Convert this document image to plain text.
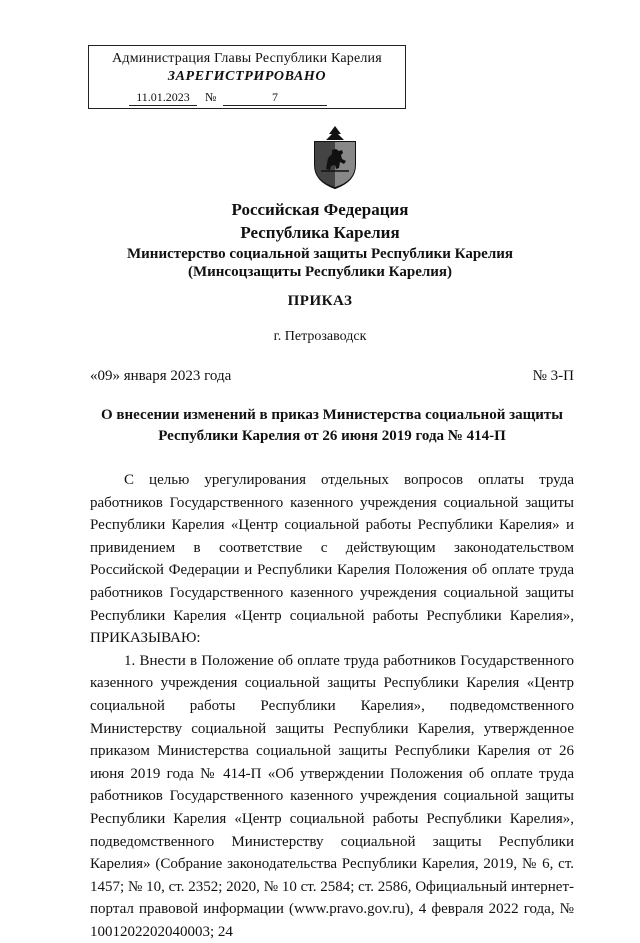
Администрация Главы Республики Карелия
ЗАРЕГИСТРИРОВАНО
11.01.2023	№	7
Российская Федерация
Республика Карелия
Министерство социальной защиты Республики Карелия
(Минсоцзащиты Республики Карелия)
ПРИКАЗ
г. Петрозаводск
«09» января 2023 года	№ 3-П
О внесении изменений в приказ Министерства социальной защиты Республики Карелия от 26 июня 2019 года № 414-П

С целью урегулирования отдельных вопросов оплаты труда работников Государственного казенного учреждения социальной защиты Республики Карелия «Центр социальной работы Республики Карелия» и привидением в соответствие с действующим законодательством Российской Федерации и Республики Карелия Положения об оплате труда работников Государственного казенного учреждения социальной защиты Республики Карелия «Центр социальной работы Республики Карелия», ПРИКАЗЫВАЮ:

1. Внести в Положение об оплате труда работников Государственного казенного учреждения социальной защиты Республики Карелия «Центр социальной работы Республики Карелия», подведомственного Министерству социальной защиты Республики Карелия, утвержденное приказом Министерства социальной защиты Республики Карелия от 26 июня 2019 года № 414-П «Об утверждении Положения об оплате труда работников Государственного казенного учреждения социальной защиты Республики Карелия «Центр социальной работы Республики Карелия», подведомственного Министерству социальной защиты Республики Карелия» (Собрание законодательства Республики Карелия, 2019, № 6, ст. 1457; № 10, ст. 2352; 2020, № 10 ст. 2584; ст. 2586, Официальный интернет-портал правовой информации (www.pravo.gov.ru), 4 февраля 2022 года, № 1001202202040003; 24
